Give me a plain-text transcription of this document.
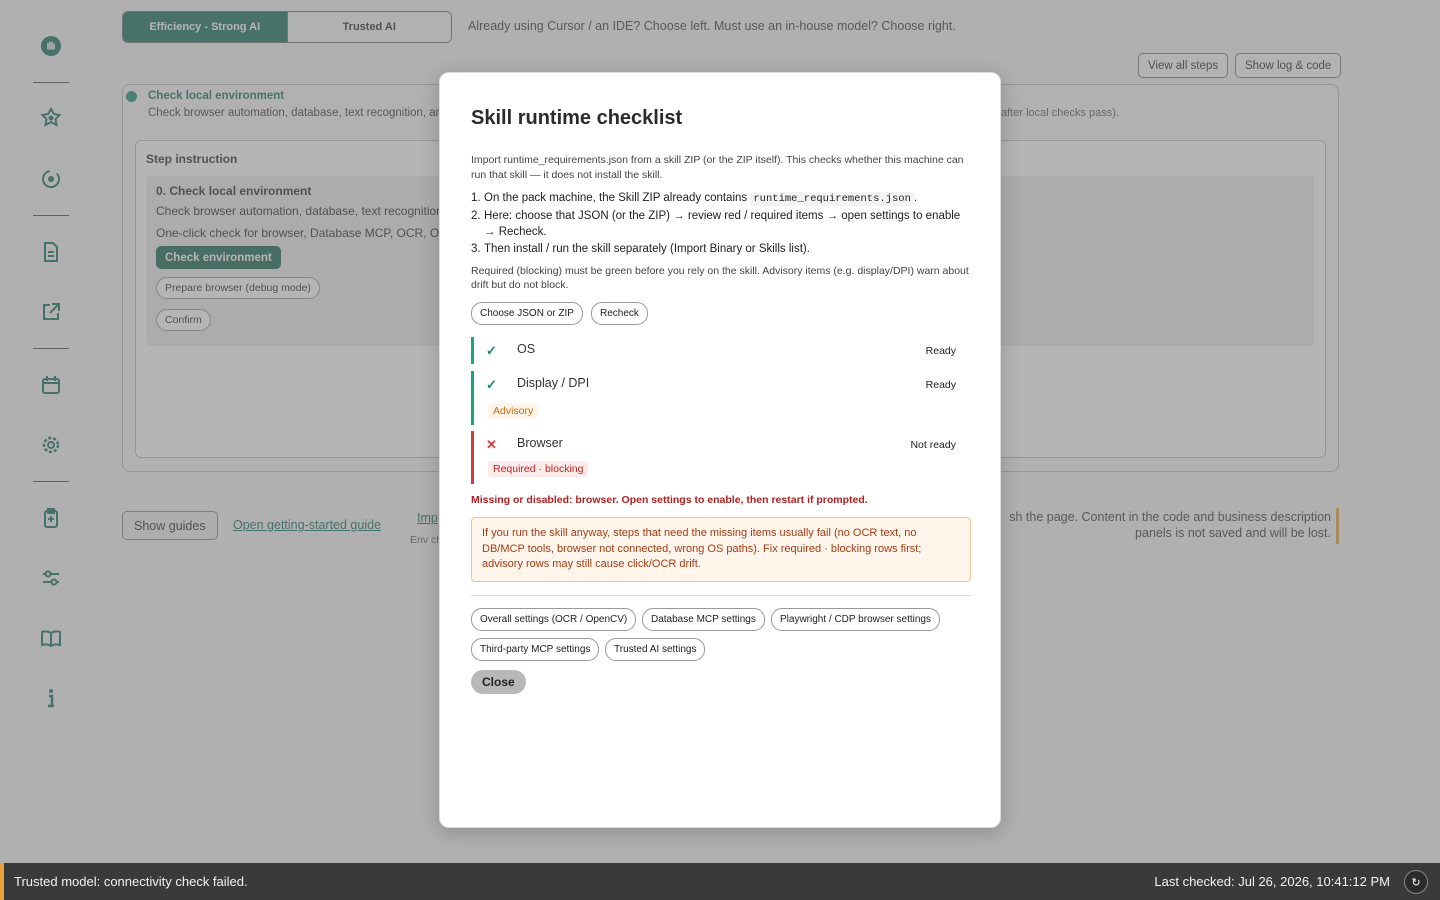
Skill runtime checklist
Import runtime_requirements.json from a skill ZIP (or the ZIP itself). This checks whether this machine can run that skill — it does not install the skill.
1. On the pack machine, the Skill ZIP already contains runtime_requirements.json .
2. Here: choose that JSON (or the ZIP) → review red / required items → open settings to enable
→ Recheck.
3. Then install / run the skill separately (Import Binary or Skills list).
Required (blocking) must be green before you rely on the skill. Advisory items (e.g. display/DPI) warn about drift but do not block.
Choose JSON or ZIP	Recheck
✓ OS	Ready
✓ Display / DPI	Ready
Advisory
✕ Browser	Not ready
Required · blocking
Missing or disabled: browser. Open settings to enable, then restart if prompted.
If you run the skill anyway, steps that need the missing items usually fail (no OCR text, no DB/MCP tools, browser not connected, wrong OS paths). Fix required · blocking rows first; advisory rows may still cause click/OCR drift.
Overall settings (OCR / OpenCV)	Database MCP settings	Playwright / CDP browser settings
Third-party MCP settings	Trusted AI settings
Close
Trusted model: connectivity check failed.	Last checked: Jul 26, 2026, 10:41:12 PM	↻
